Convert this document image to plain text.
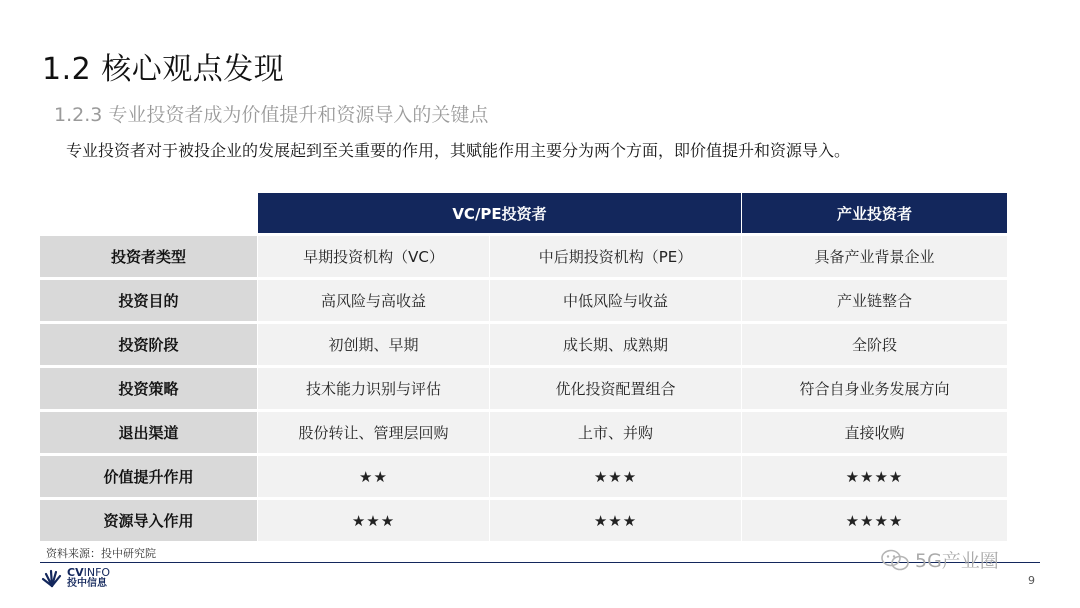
1.2 核心观点发现
1.2.3 专业投资者成为价值提升和资源导入的关键点
专业投资者对于被投企业的发展起到至关重要的作用，其赋能作用主要分为两个方面，即价值提升和资源导入。
	VC/PE投资者		产业投资者
投资者类型	早期投资机构（VC）	中后期投资机构（PE）	具备产业背景企业
投资目的	高风险与高收益	中低风险与收益	产业链整合
投资阶段	初创期、早期	成长期、成熟期	全阶段
投资策略	技术能力识别与评估	优化投资配置组合	符合自身业务发展方向
退出渠道	股份转让、管理层回购	上市、并购	直接收购
价值提升作用	★★	★★★	★★★★
资源导入作用	★★★	★★★	★★★★
资料来源：投中研究院
CVINFO
投中信息
5G产业圈
9
